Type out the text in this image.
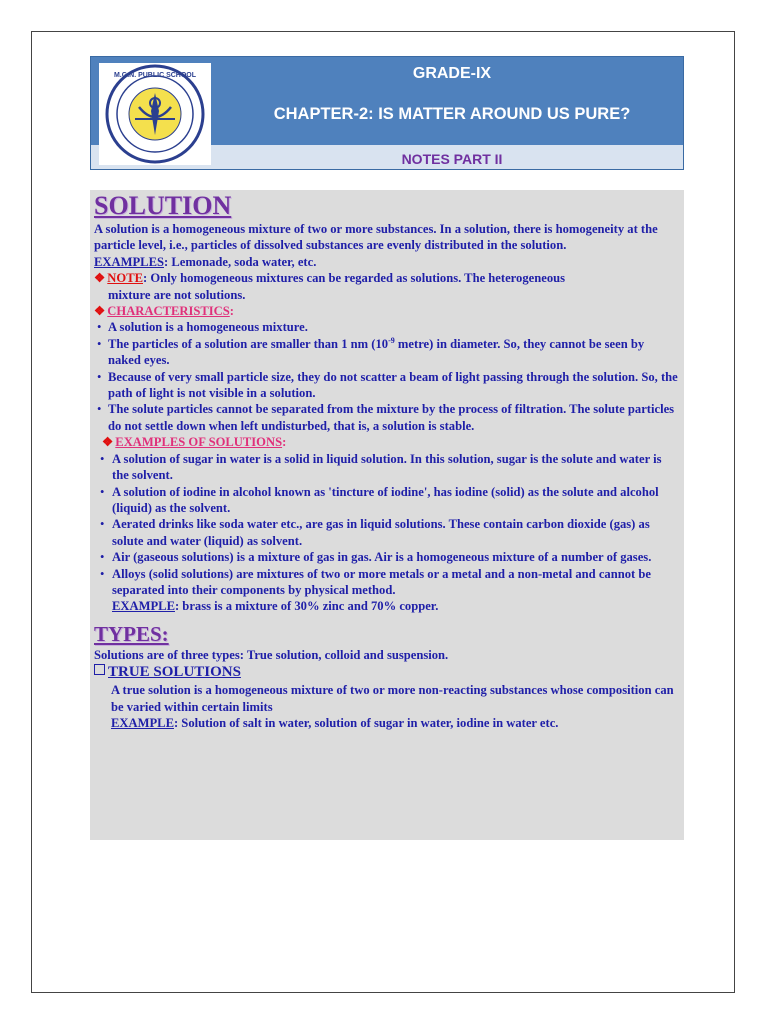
M.G.N. PUBLIC SCHOOL	GRADE-IX
CHAPTER-2: IS MATTER AROUND US PURE?
NOTES PART II

SOLUTION

A solution is a homogeneous mixture of two or more substances. In a solution, there is homogeneity at the particle level, i.e., particles of dissolved substances are evenly distributed in the solution.

EXAMPLES: Lemonade, soda water, etc.

❖ NOTE: Only homogeneous mixtures can be regarded as solutions. The heterogeneous

mixture are not solutions.

❖ CHARACTERISTICS:

• A solution is a homogeneous mixture.
• The particles of a solution are smaller than 1 nm ($10^{-9}$ metre) in diameter. So, they cannot be seen by naked eyes.
• Because of very small particle size, they do not scatter a beam of light passing through the solution. So, the path of light is not visible in a solution.
• The solute particles cannot be separated from the mixture by the process of filtration. The solute particles do not settle down when left undisturbed, that is, a solution is stable.

❖ EXAMPLES OF SOLUTIONS:

• A solution of sugar in water is a solid in liquid solution. In this solution, sugar is the solute and water is the solvent.
• A solution of iodine in alcohol known as 'tincture of iodine', has iodine (solid) as the solute and alcohol (liquid) as the solvent.
• Aerated drinks like soda water etc., are gas in liquid solutions. These contain carbon dioxide (gas) as solute and water (liquid) as solvent.
• Air (gaseous solutions) is a mixture of gas in gas. Air is a homogeneous mixture of a number of gases.
• Alloys (solid solutions) are mixtures of two or more metals or a metal and a non-metal and cannot be separated into their components by physical method.
EXAMPLE: brass is a mixture of 30% zinc and 70% copper.

TYPES:

Solutions are of three types: True solution, colloid and suspension.

TRUE SOLUTIONS

A true solution is a homogeneous mixture of two or more non-reacting substances whose composition can be varied within certain limits

EXAMPLE: Solution of salt in water, solution of sugar in water, iodine in water etc.
